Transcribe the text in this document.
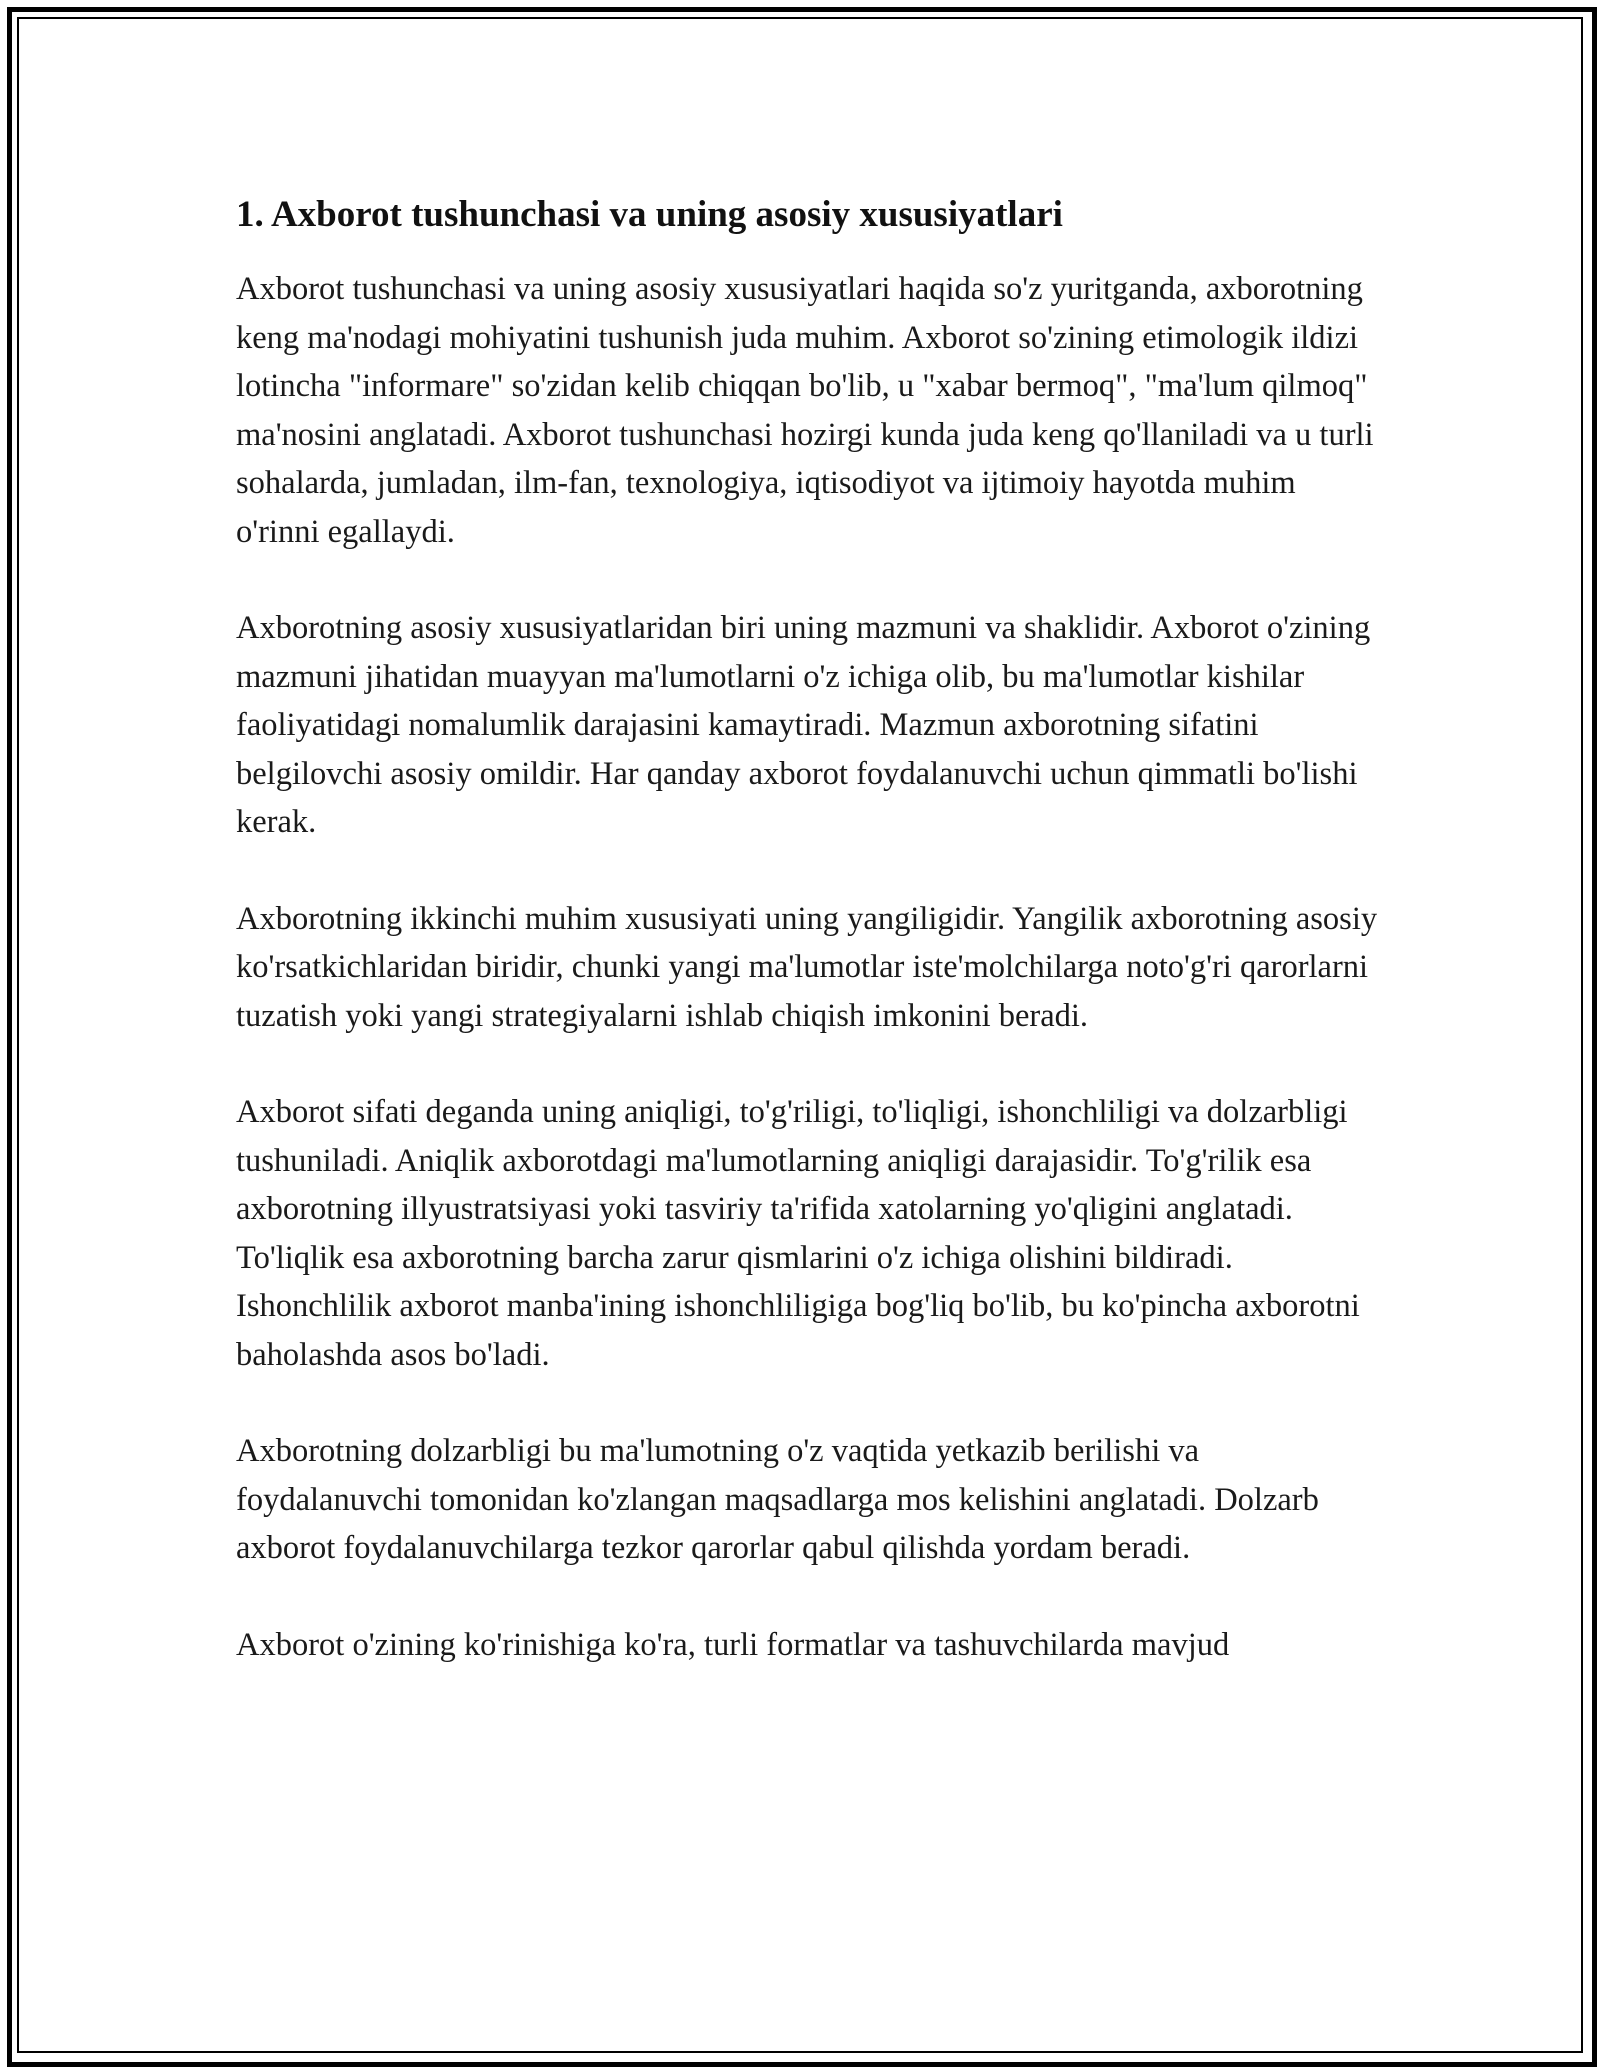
1. Axborot tushunchasi va uning asosiy xususiyatlari

Axborot tushunchasi va uning asosiy xususiyatlari haqida so'z yuritganda, axborotning keng ma'nodagi mohiyatini tushunish juda muhim. Axborot so'zining etimologik ildizi lotincha "informare" so'zidan kelib chiqqan bo'lib, u "xabar bermoq", "ma'lum qilmoq" ma'nosini anglatadi. Axborot tushunchasi hozirgi kunda juda keng qo'llaniladi va u turli sohalarda, jumladan, ilm-fan, texnologiya, iqtisodiyot va ijtimoiy hayotda muhim o'rinni egallaydi.

Axborotning asosiy xususiyatlaridan biri uning mazmuni va shaklidir. Axborot o'zining mazmuni jihatidan muayyan ma'lumotlarni o'z ichiga olib, bu ma'lumotlar kishilar faoliyatidagi nomalumlik darajasini kamaytiradi. Mazmun axborotning sifatini belgilovchi asosiy omildir. Har qanday axborot foydalanuvchi uchun qimmatli bo'lishi kerak.

Axborotning ikkinchi muhim xususiyati uning yangiligidir. Yangilik axborotning asosiy ko'rsatkichlaridan biridir, chunki yangi ma'lumotlar iste'molchilarga noto'g'ri qarorlarni tuzatish yoki yangi strategiyalarni ishlab chiqish imkonini beradi.

Axborot sifati deganda uning aniqligi, to'g'riligi, to'liqligi, ishonchliligi va dolzarbligi tushuniladi. Aniqlik axborotdagi ma'lumotlarning aniqligi darajasidir. To'g'rilik esa axborotning illyustratsiyasi yoki tasviriy ta'rifida xatolarning yo'qligini anglatadi. To'liqlik esa axborotning barcha zarur qismlarini o'z ichiga olishini bildiradi. Ishonchlilik axborot manba'ining ishonchliligiga bog'liq bo'lib, bu ko'pincha axborotni baholashda asos bo'ladi.

Axborotning dolzarbligi bu ma'lumotning o'z vaqtida yetkazib berilishi va foydalanuvchi tomonidan ko'zlangan maqsadlarga mos kelishini anglatadi. Dolzarb axborot foydalanuvchilarga tezkor qarorlar qabul qilishda yordam beradi.

Axborot o'zining ko'rinishiga ko'ra, turli formatlar va tashuvchilarda mavjud
